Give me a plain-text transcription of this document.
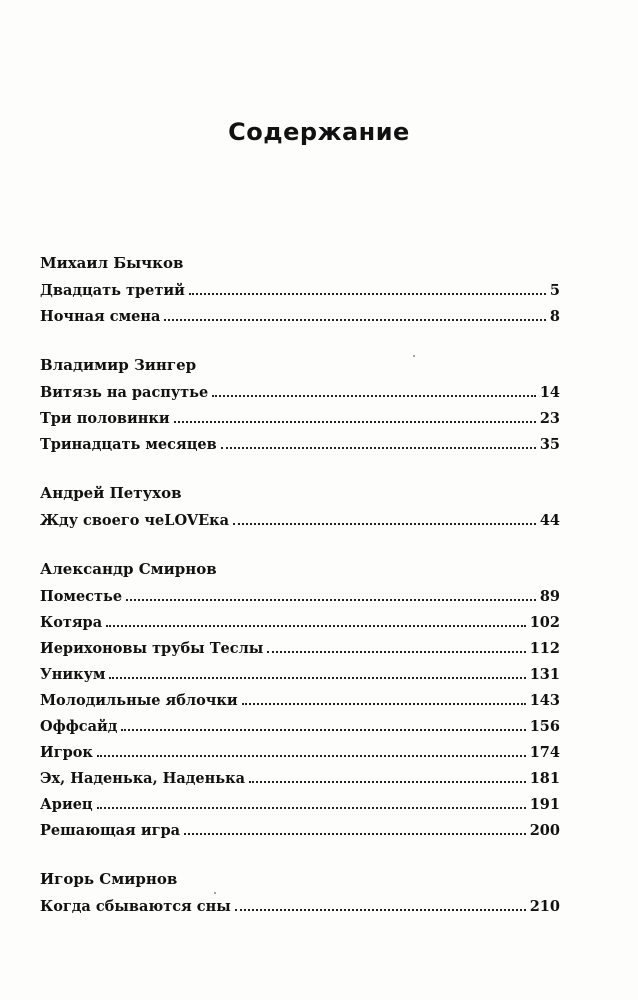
Содержание
Михаил Бычков
Двадцать третий	5
Ночная смена	8
Владимир Зингер
Витязь на распутье	14
Три половинки	23
Тринадцать месяцев	35
Андрей Петухов
Жду своего чeLOVEка	44
Александр Смирнов
Поместье	89
Котяра	102
Иерихоновы трубы Теслы	112
Уникум	131
Молодильные яблочки	143
Оффсайд	156
Игрок	174
Эх, Наденька, Наденька	181
Ариец	191
Решающая игра	200
Игорь Смирнов
Когда сбываются сны	210
